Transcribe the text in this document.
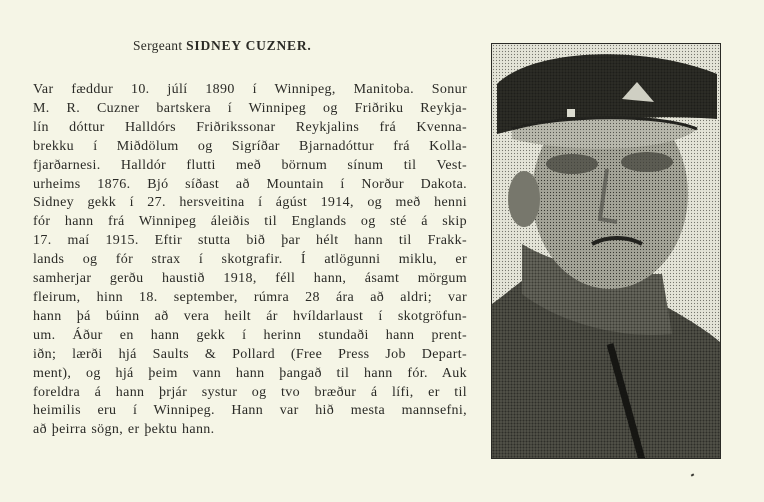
Sergeant SIDNEY CUZNER.
Var fæddur 10. júlí 1890 í Winnipeg, Manitoba. Sonur
M. R. Cuzner bartskera í Winnipeg og Friðriku Reykja-
lín dóttur Halldórs Friðrikssonar Reykjalins frá Kvenna-
brekku í Miðdölum og Sigríðar Bjarnadóttur frá Kolla-
fjarðarnesi. Halldór flutti með börnum sínum til Vest-
urheims 1876. Bjó síðast að Mountain í Norður Dakota.
Sidney gekk í 27. hersveitina í ágúst 1914, og með henni
fór hann frá Winnipeg áleiðis til Englands og sté á skip
17. maí 1915. Eftir stutta bið þar hélt hann til Frakk-
lands og fór strax í skotgrafir. Í atlögunni miklu, er
samherjar gerðu haustið 1918, féll hann, ásamt mörgum
fleirum, hinn 18. september, rúmra 28 ára að aldri; var
hann þá búinn að vera heilt ár hvíldarlaust í skotgröfun-
um. Áður en hann gekk í herinn stundaði hann prent-
iðn; lærði hjá Saults & Pollard (Free Press Job Depart-
ment), og hjá þeim vann hann þangað til hann fór. Auk
foreldra á hann þrjár systur og tvo bræður á lífi, er til
heimilis eru í Winnipeg. Hann var hið mesta mannsefni,
að þeirra sögn, er þektu hann.
